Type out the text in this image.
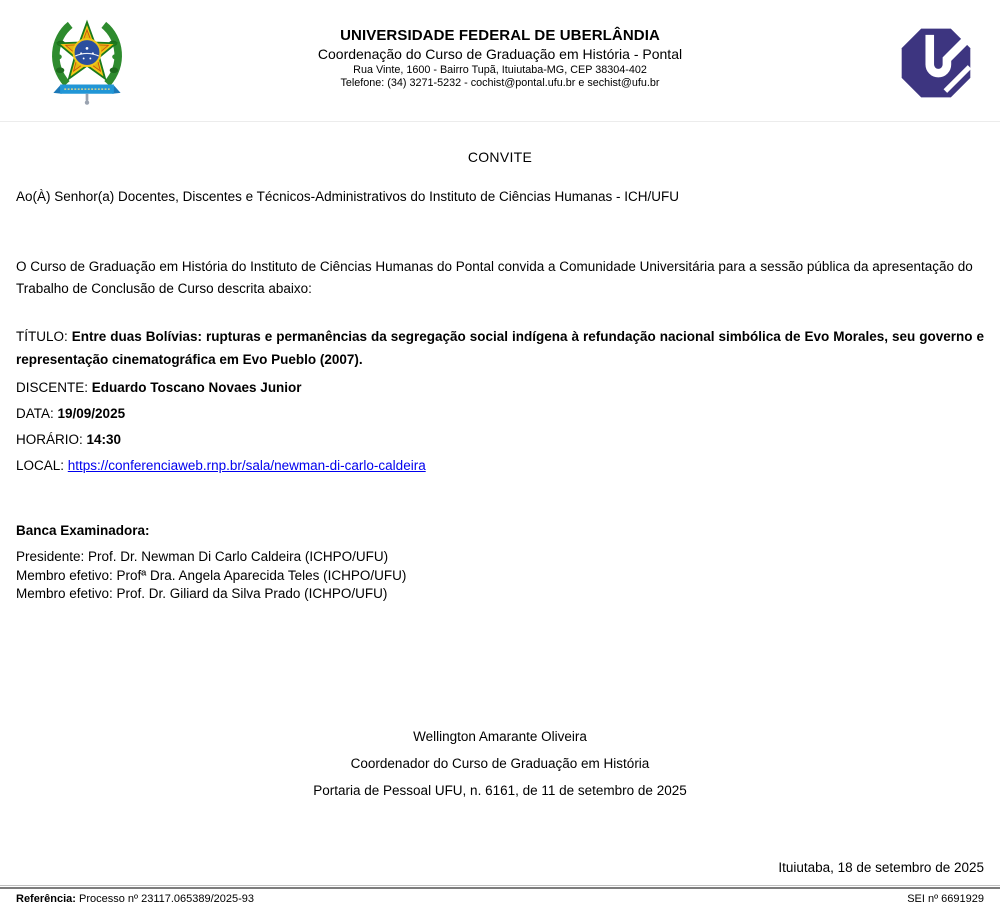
UNIVERSIDADE FEDERAL DE UBERLÂNDIA
Coordenação do Curso de Graduação em História - Pontal
Rua Vinte, 1600 - Bairro Tupã, Ituiutaba-MG, CEP 38304-402
Telefone: (34) 3271-5232 - cochist@pontal.ufu.br e sechist@ufu.br
CONVITE
Ao(À) Senhor(a) Docentes, Discentes e Técnicos-Administrativos do Instituto de Ciências Humanas - ICH/UFU

O Curso de Graduação em História do Instituto de Ciências Humanas do Pontal convida a Comunidade Universitária para a sessão pública da apresentação do Trabalho de Conclusão de Curso descrita abaixo:

TÍTULO: Entre duas Bolívias: rupturas e permanências da segregação social indígena à refundação nacional simbólica de Evo Morales, seu governo e representação cinematográfica em Evo Pueblo (2007).

DISCENTE: Eduardo Toscano Novaes Junior
DATA: 19/09/2025
HORÁRIO: 14:30
LOCAL: https://conferenciaweb.rnp.br/sala/newman-di-carlo-caldeira
Banca Examinadora:
Presidente: Prof. Dr. Newman Di Carlo Caldeira (ICHPO/UFU)
Membro efetivo: Profª Dra. Angela Aparecida Teles (ICHPO/UFU)
Membro efetivo: Prof. Dr. Giliard da Silva Prado (ICHPO/UFU)
Wellington Amarante Oliveira
Coordenador do Curso de Graduação em História
Portaria de Pessoal UFU, n. 6161, de 11 de setembro de 2025
Ituiutaba, 18 de setembro de 2025
Referência: Processo nº 23117.065389/2025-93	SEI nº 6691929
